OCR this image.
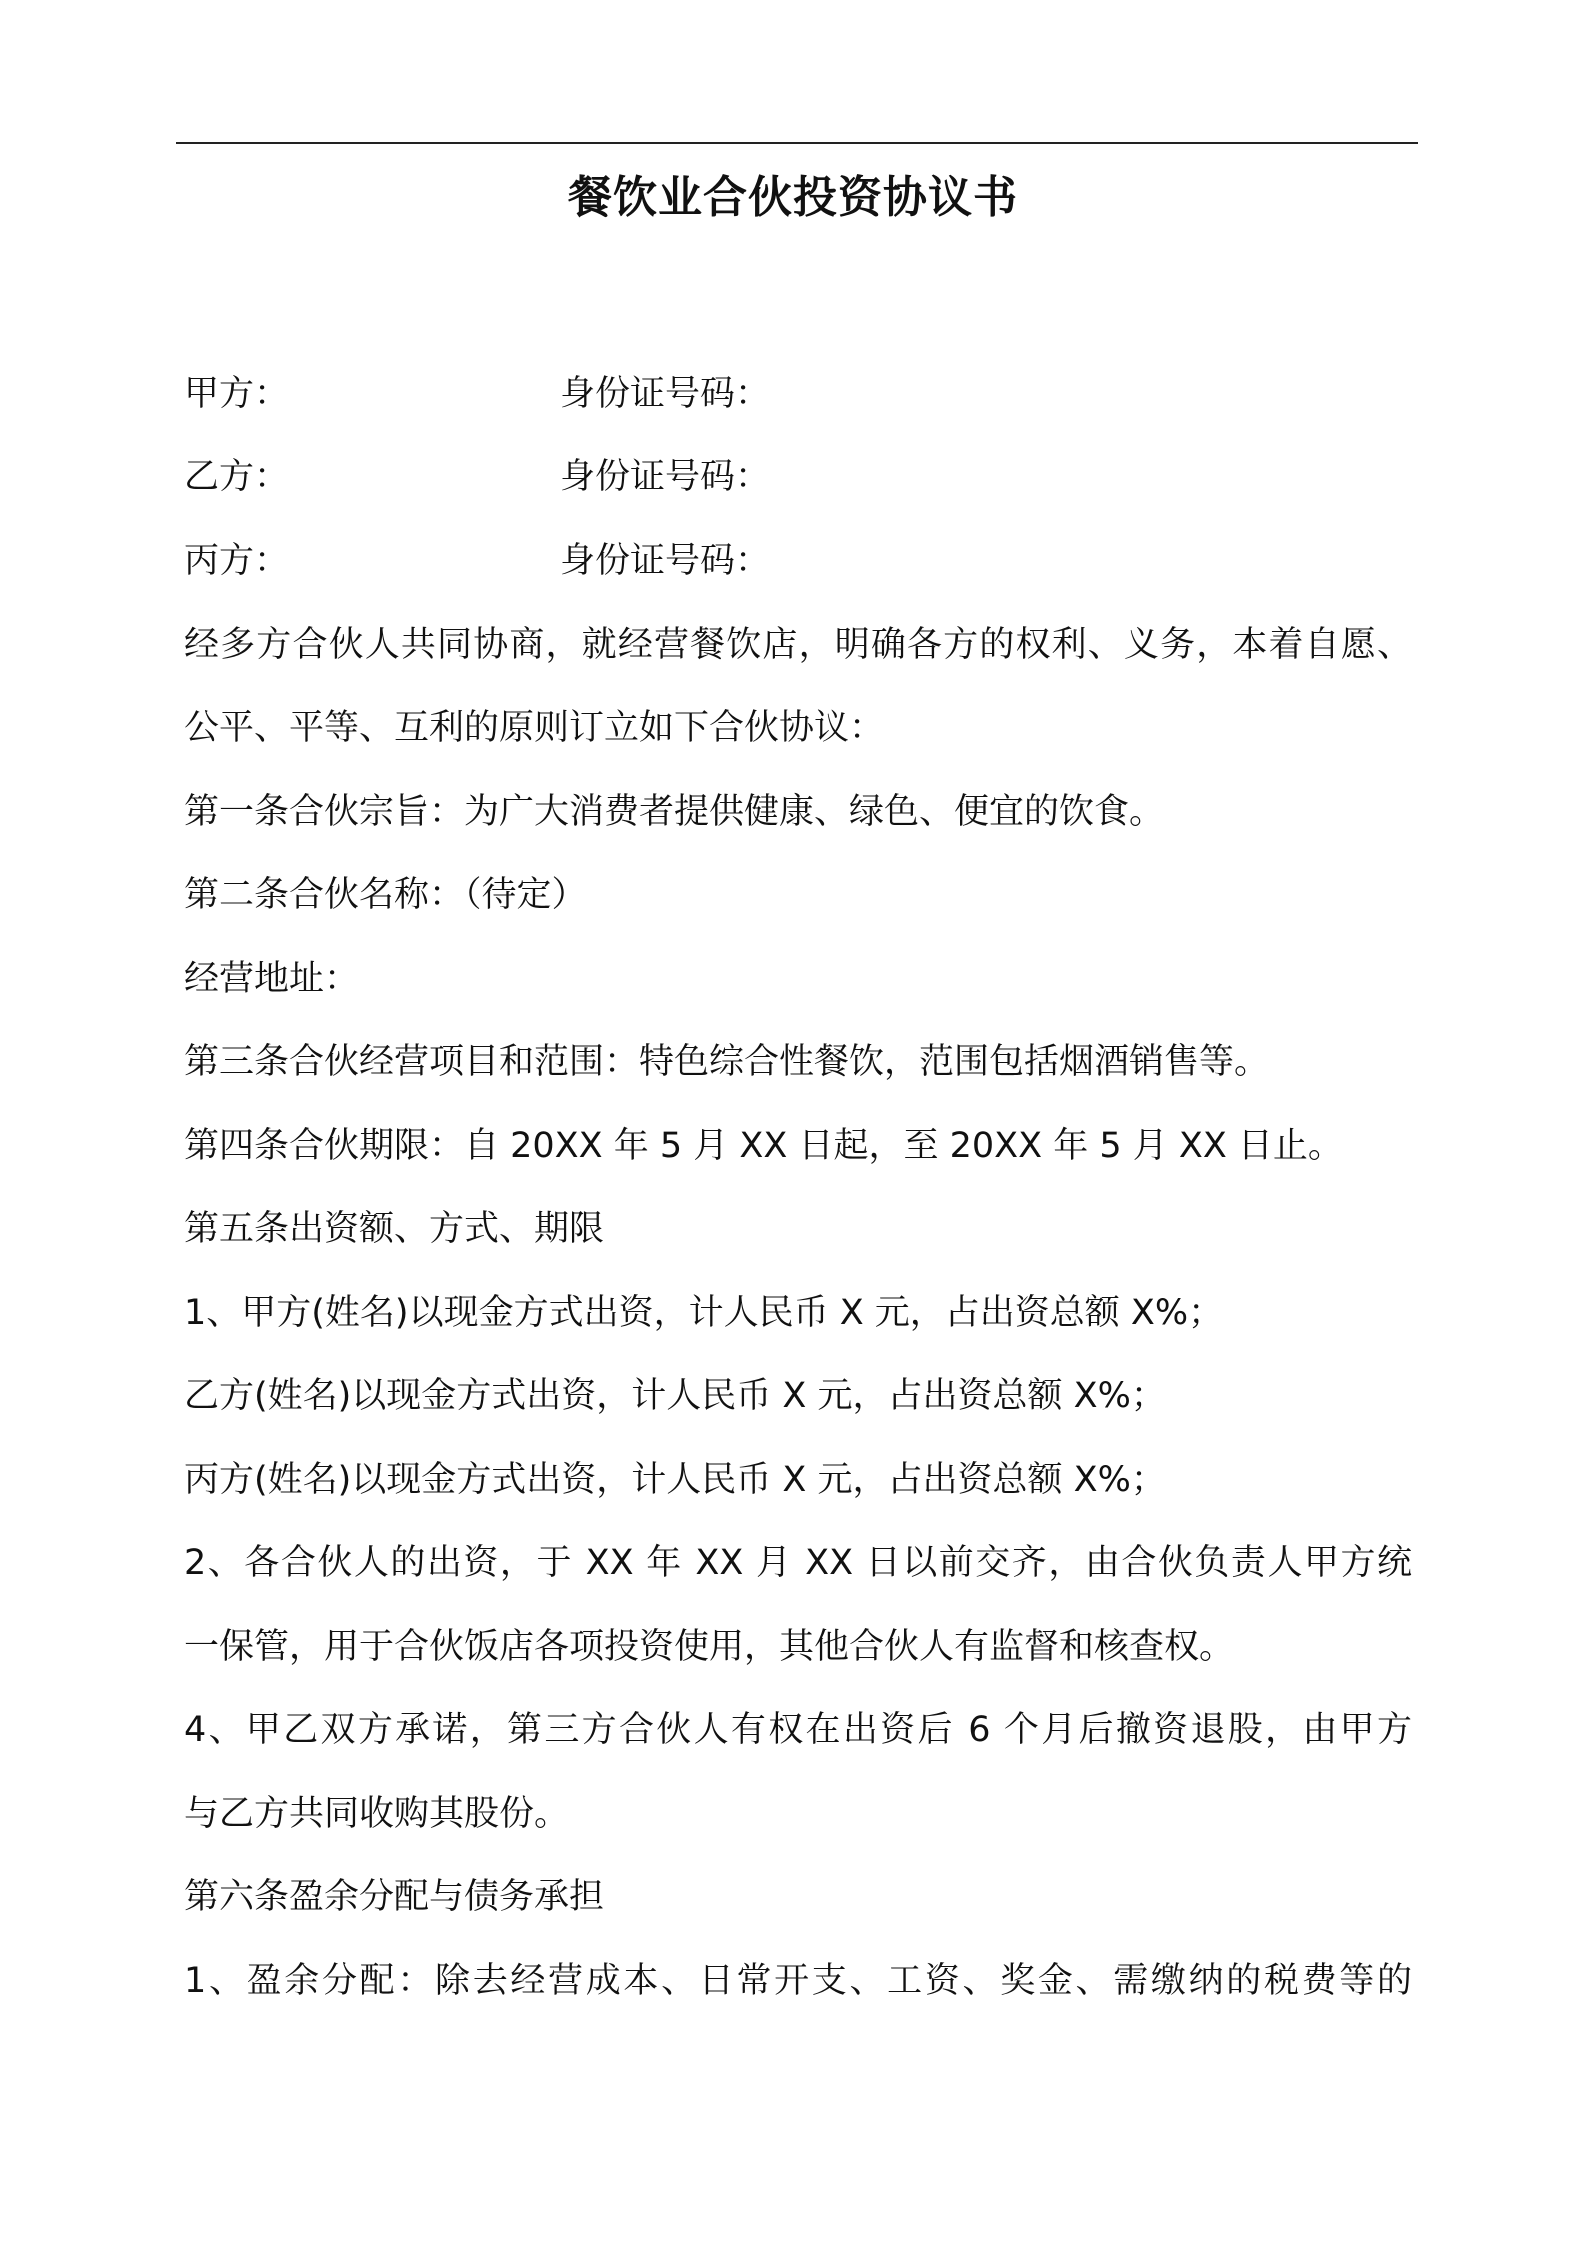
餐饮业合伙投资协议书
甲方：	身份证号码：
乙方：	身份证号码：
丙方：	身份证号码：
经多方合伙人共同协商，就经营餐饮店，明确各方的权利、义务，本着自愿、
公平、平等、互利的原则订立如下合伙协议：
第一条合伙宗旨：为广大消费者提供健康、绿色、便宜的饮食。
第二条合伙名称：（待定）
经营地址：
第三条合伙经营项目和范围：特色综合性餐饮，范围包括烟酒销售等。
第四条合伙期限：自 20XX 年 5 月 XX 日起，至 20XX 年 5 月 XX 日止。
第五条出资额、方式、期限
1、甲方(姓名)以现金方式出资，计人民币 X 元，占出资总额 X%；
乙方(姓名)以现金方式出资，计人民币 X 元，占出资总额 X%；
丙方(姓名)以现金方式出资，计人民币 X 元，占出资总额 X%；
2、各合伙人的出资，于 XX 年 XX 月 XX 日以前交齐，由合伙负责人甲方统
一保管，用于合伙饭店各项投资使用，其他合伙人有监督和核查权。
4、甲乙双方承诺，第三方合伙人有权在出资后 6 个月后撤资退股，由甲方
与乙方共同收购其股份。
第六条盈余分配与债务承担
1、盈余分配：除去经营成本、日常开支、工资、奖金、需缴纳的税费等的
